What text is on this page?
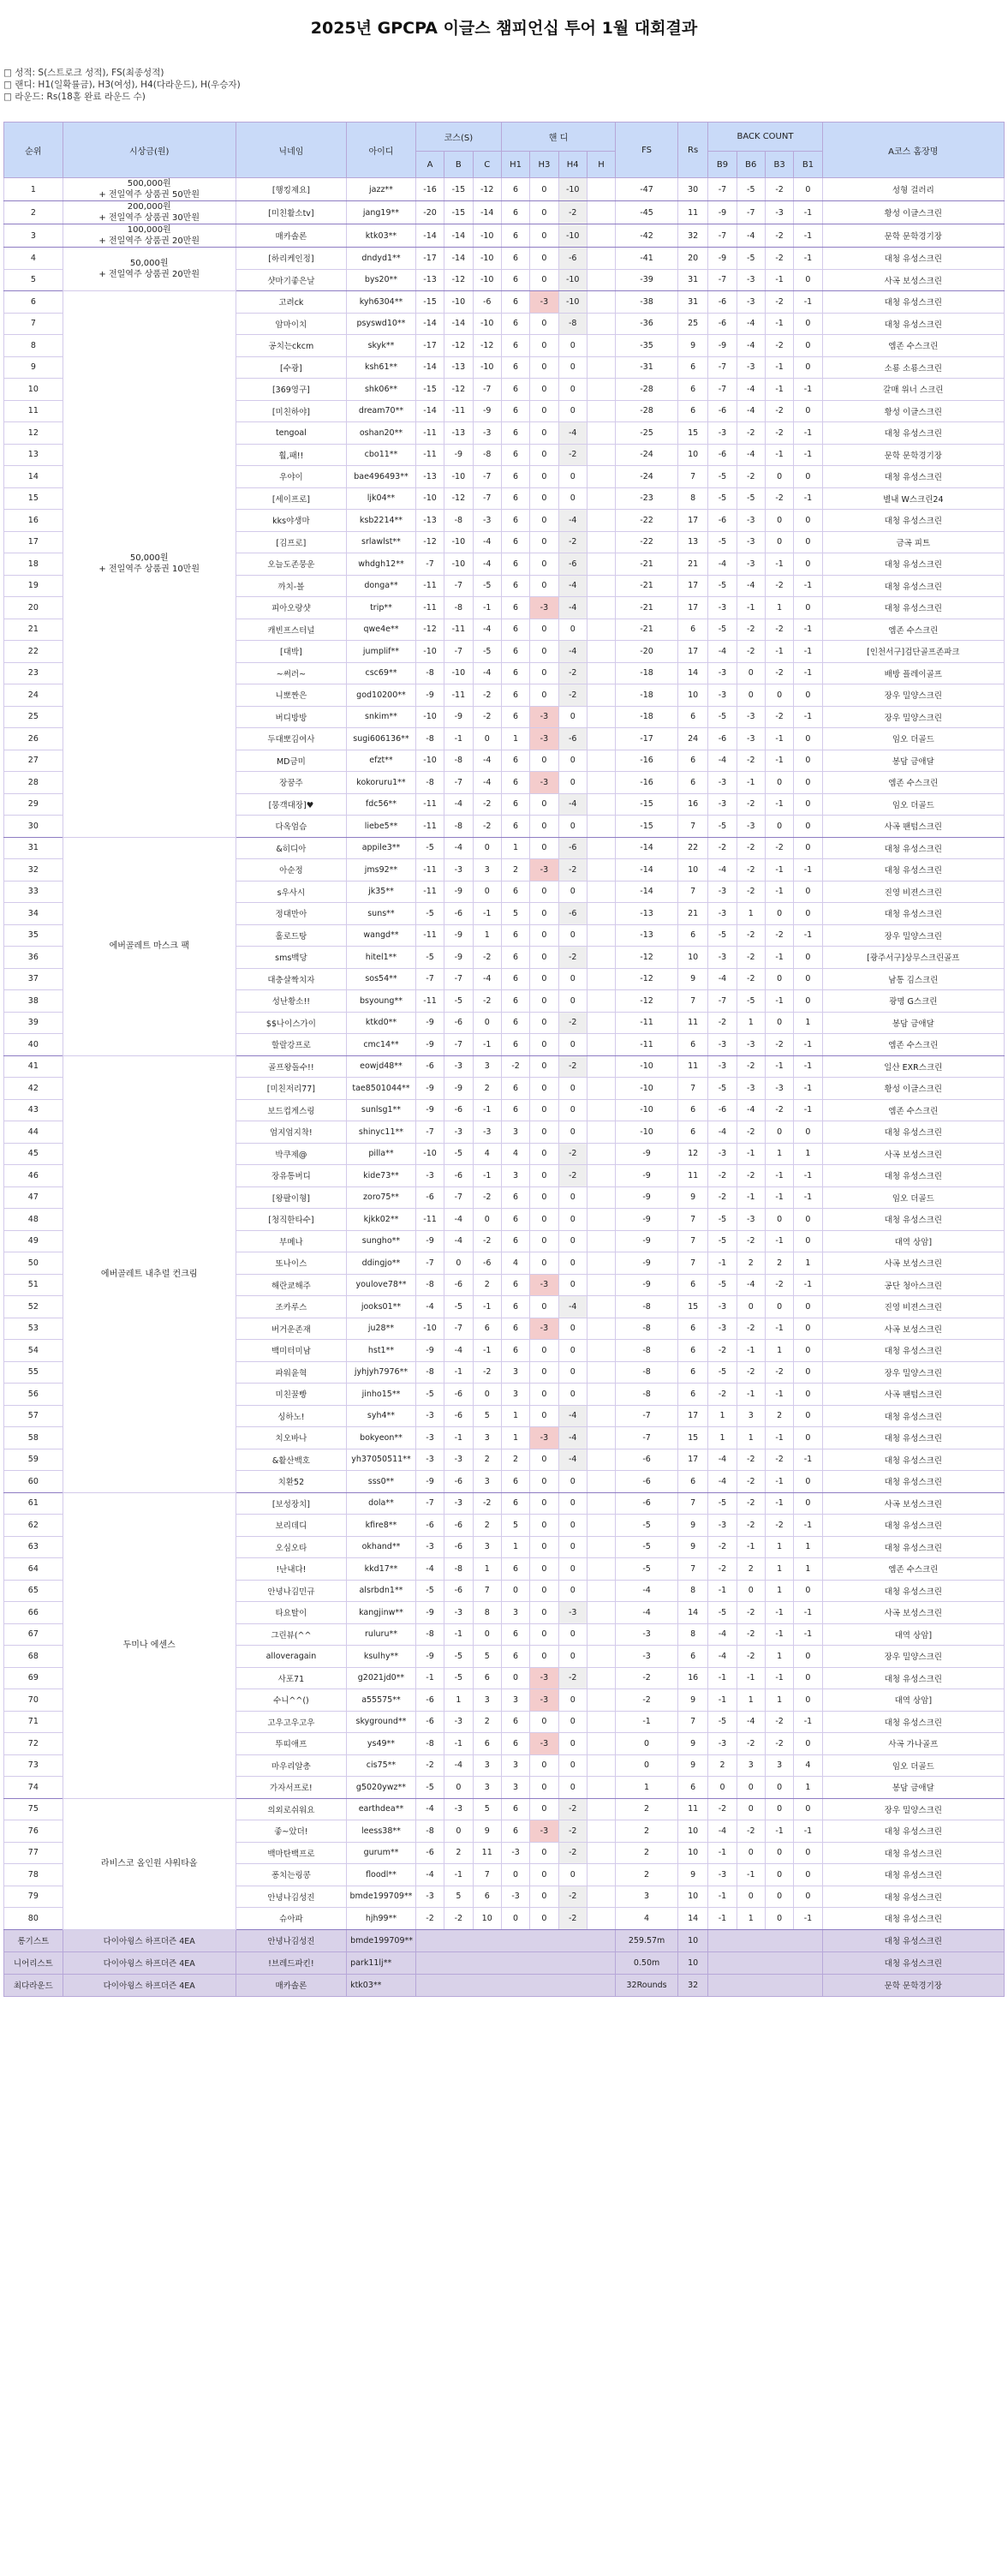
2025년 GPCPA 이글스 챔피언십 투어 1월 대회결과
□ 성적: S(스트로크 성적), FS(최종성적)
□ 랜디: H1(일확률금), H3(여성), H4(다라운드), H(우승자)
□ 라운드: Rs(18홀 완료 라운드 수)
순위	시상금(원)	닉네임	아이디	코스(S)			핸 디				FS	Rs	BACK COUNT				A코스 홈장명
				A	B	C	H1	H3	H4	H			B9	B6	B3	B1	
1	500,000원
+ 전일역주 상품권 50만원	[행킹제요]	jazz**	-16	-15	-12	6	0	-10		-47	30	-7	-5	-2	0	성형 걸러리
2	200,000원
+ 전일역주 상품권 30만원	[미친활소tv]	jang19**	-20	-15	-14	6	0	-2		-45	11	-9	-7	-3	-1	황성 이글스크린
3	100,000원
+ 전일역주 상품권 20만원	매카솔론	ktk03**	-14	-14	-10	6	0	-10		-42	32	-7	-4	-2	-1	문학 문학경기장
4	50,000원
+ 전일역주 상품권 20만원	[하리케인정]	dndyd1**	-17	-14	-10	6	0	-6		-41	20	-9	-5	-2	-1	대청 유성스크린
5		샷마기좋은날	bys20**	-13	-12	-10	6	0	-10		-39	31	-7	-3	-1	0	사곡 보성스크린
6	50,000원
+ 전일역주 상품권 10만원	고려ck	kyh6304**	-15	-10	-6	6	-3	-10		-38	31	-6	-3	-2	-1	대청 유성스크린
7		암마이치	psyswd10**	-14	-14	-10	6	0	-8		-36	25	-6	-4	-1	0	대청 유성스크린
8		공치는ckcm	skyk**	-17	-12	-12	6	0	0		-35	9	-9	-4	-2	0	엠존 수스크린
9		[수광]	ksh61**	-14	-13	-10	6	0	0		-31	6	-7	-3	-1	0	소룡 소룡스크린
10		[369영구]	shk06**	-15	-12	-7	6	0	0		-28	6	-7	-4	-1	-1	갈매 위너 스크린
11		[미친하야]	dream70**	-14	-11	-9	6	0	0		-28	6	-6	-4	-2	0	황성 이글스크린
12		tengoal	oshan20**	-11	-13	-3	6	0	-4		-25	15	-3	-2	-2	-1	대청 유성스크린
13		훨,패!!	cbo11**	-11	-9	-8	6	0	-2		-24	10	-6	-4	-1	-1	문학 문학경기장
14		우야이	bae496493**	-13	-10	-7	6	0	0		-24	7	-5	-2	0	0	대청 유성스크린
15		[세이프로]	ljk04**	-10	-12	-7	6	0	0		-23	8	-5	-5	-2	-1	별내 W스크린24
16		kks야생마	ksb2214**	-13	-8	-3	6	0	-4		-22	17	-6	-3	0	0	대청 유성스크린
17		[김프로]	srlawlst**	-12	-10	-4	6	0	-2		-22	13	-5	-3	0	0	금곡 피트
18		오늘도존뭉운	whdgh12**	-7	-10	-4	6	0	-6		-21	21	-4	-3	-1	0	대청 유성스크린
19		까치-볼	donga**	-11	-7	-5	6	0	-4		-21	17	-5	-4	-2	-1	대청 유성스크린
20		피아오랑샷	trip**	-11	-8	-1	6	-3	-4		-21	17	-3	-1	1	0	대청 유성스크린
21		캐빈프스터널	qwe4e**	-12	-11	-4	6	0	0		-21	6	-5	-2	-2	-1	엠존 수스크린
22		[대박]	jumplif**	-10	-7	-5	6	0	-4		-20	17	-4	-2	-1	-1	[인천서구]검단골프존파크
23		~써러~	csc69**	-8	-10	-4	6	0	-2		-18	14	-3	0	-2	-1	배방 플레이골프
24		니뽀짠은	god10200**	-9	-11	-2	6	0	-2		-18	10	-3	0	0	0	장우 밀양스크린
25		버디방방	snkim**	-10	-9	-2	6	-3	0		-18	6	-5	-3	-2	-1	장우 밀양스크린
26		두대뽀김여사	sugi606136**	-8	-1	0	1	-3	-6		-17	24	-6	-3	-1	0	임오 더골드
27		MD금미	efzt**	-10	-8	-4	6	0	0		-16	6	-4	-2	-1	0	봉담 금애달
28		장꿈주	kokoruru1**	-8	-7	-4	6	-3	0		-16	6	-3	-1	0	0	엠존 수스크린
29		[뭉객대장]♥	fdc56**	-11	-4	-2	6	0	-4		-15	16	-3	-2	-1	0	임오 더골드
30		다옥엄슴	liebe5**	-11	-8	-2	6	0	0		-15	7	-5	-3	0	0	사곡 팬텀스크린
31	에버골레트 마스크 팩	&히디아	appile3**	-5	-4	0	1	0	-6		-14	22	-2	-2	-2	0	대청 유성스크린
32		아순정	jms92**	-11	-3	3	2	-3	-2		-14	10	-4	-2	-1	-1	대청 유성스크린
33		s우사시	jk35**	-11	-9	0	6	0	0		-14	7	-3	-2	-1	0	진영 비젼스크린
34		정대만아	suns**	-5	-6	-1	5	0	-6		-13	21	-3	1	0	0	대청 유성스크린
35		홀로드탕	wangd**	-11	-9	1	6	0	0		-13	6	-5	-2	-2	-1	장우 밀양스크린
36		sms백당	hitel1**	-5	-9	-2	6	0	-2		-12	10	-3	-2	-1	0	[광주서구]상무스크린골프
37		대충살짝치자	sos54**	-7	-7	-4	6	0	0		-12	9	-4	-2	0	0	남통 김스크린
38		성난황소!!	bsyoung**	-11	-5	-2	6	0	0		-12	7	-7	-5	-1	0	광명 G스크린
39		$$나이스가이	ktkd0**	-9	-6	0	6	0	-2		-11	11	-2	1	0	1	봉담 금애달
40		할랄강프로	cmc14**	-9	-7	-1	6	0	0		-11	6	-3	-3	-2	-1	엠존 수스크린
41	에버골레트 내추럴 컨크림	골프왕돌수!!	eowjd48**	-6	-3	3	-2	0	-2		-10	11	-3	-2	-1	-1	일산 EXR스크린
42		[미친저리77]	tae8501044**	-9	-9	2	6	0	0		-10	7	-5	-3	-3	-1	황성 이글스크린
43		보드컵게스링	sunlsg1**	-9	-6	-1	6	0	0		-10	6	-6	-4	-2	-1	엠존 수스크린
44		엄지엄지착!	shinyc11**	-7	-3	-3	3	0	0		-10	6	-4	-2	0	0	대청 유성스크린
45		박쿠제@	pilla**	-10	-5	4	4	0	-2		-9	12	-3	-1	1	1	사곡 보성스크린
46		장유통버디	kide73**	-3	-6	-1	3	0	-2		-9	11	-2	-2	-1	-1	대청 유성스크린
47		[왕팔이형]	zoro75**	-6	-7	-2	6	0	0		-9	9	-2	-1	-1	-1	임오 더골드
48		[청직한타수]	kjkk02**	-11	-4	0	6	0	0		-9	7	-5	-3	0	0	대청 유성스크린
49		부메나	sungho**	-9	-4	-2	6	0	0		-9	7	-5	-2	-1	0	대역 상암]
50		또나이스	ddingjo**	-7	0	-6	4	0	0		-9	7	-1	2	2	1	사곡 보성스크린
51		해란쿄해주	youlove78**	-8	-6	2	6	-3	0		-9	6	-5	-4	-2	-1	공단 청아스크린
52		조카루스	jooks01**	-4	-5	-1	6	0	-4		-8	15	-3	0	0	0	진영 비젼스크린
53		버거운존재	ju28**	-10	-7	6	6	-3	0		-8	6	-3	-2	-1	0	사곡 보성스크린
54		백미터미남	hst1**	-9	-4	-1	6	0	0		-8	6	-2	-1	1	0	대청 유성스크린
55		파워윤혁	jyhjyh7976**	-8	-1	-2	3	0	0		-8	6	-5	-2	-2	0	장우 밀양스크린
56		미친꿀빵	jinho15**	-5	-6	0	3	0	0		-8	6	-2	-1	-1	0	사곡 팬텀스크린
57		싱하노!	syh4**	-3	-6	5	1	0	-4		-7	17	1	3	2	0	대청 유성스크린
58		치오바나	bokyeon**	-3	-1	3	1	-3	-4		-7	15	1	1	-1	0	대청 유성스크린
59		&활산백호	yh37050511**	-3	-3	2	2	0	-4		-6	17	-4	-2	-2	-1	대청 유성스크린
60		치환52	sss0**	-9	-6	3	6	0	0		-6	6	-4	-2	-1	0	대청 유성스크린
61	두미나 에센스	[보성장치]	dola**	-7	-3	-2	6	0	0		-6	7	-5	-2	-1	0	사곡 보성스크린
62		보리데디	kfire8**	-6	-6	2	5	0	0		-5	9	-3	-2	-2	-1	대청 유성스크린
63		오심오타	okhand**	-3	-6	3	1	0	0		-5	9	-2	-1	1	1	대청 유성스크린
64		!난내다!	kkd17**	-4	-8	1	6	0	0		-5	7	-2	2	1	1	엠존 수스크린
65		안녕나김민규	alsrbdn1**	-5	-6	7	0	0	0		-4	8	-1	0	1	0	대청 유성스크린
66		타요탈이	kangjinw**	-9	-3	8	3	0	-3		-4	14	-5	-2	-1	-1	사곡 보성스크린
67		그린뷰(^^	ruluru**	-8	-1	0	6	0	0		-3	8	-4	-2	-1	-1	대역 상암]
68		alloveragain	ksulhy**	-9	-5	5	6	0	0		-3	6	-4	-2	1	0	장우 밀양스크린
69		사포71	g2021jd0**	-1	-5	6	0	-3	-2		-2	16	-1	-1	-1	0	대청 유성스크린
70		수니^^()	a55575**	-6	1	3	3	-3	0		-2	9	-1	1	1	0	대역 상암]
71		고우고우고우	skyground**	-6	-3	2	6	0	0		-1	7	-5	-4	-2	-1	대청 유성스크린
72		뚜띠애프	ys49**	-8	-1	6	6	-3	0		0	9	-3	-2	-2	0	사곡 가나골프
73		마우리알총	cis75**	-2	-4	3	3	0	0		0	9	2	3	3	4	임오 더골드
74		가자서프로!	g5020ywz**	-5	0	3	3	0	0		1	6	0	0	0	1	봉담 금애달
75	라비스코 올인원 샤워타올	의외로쉬워요	earthdea**	-4	-3	5	6	0	-2		2	11	-2	0	0	0	장우 밀양스크린
76		좋~았더!	leess38**	-8	0	9	6	-3	-2		2	10	-4	-2	-1	-1	대청 유성스크린
77		백마탄백프로	gurum**	-6	2	11	-3	0	-2		2	10	-1	0	0	0	대청 유성스크린
78		퐁치는링콩	floodl**	-4	-1	7	0	0	0		2	9	-3	-1	0	0	대청 유성스크린
79		안녕나김성진	bmde199709**	-3	5	6	-3	0	-2		3	10	-1	0	0	0	대청 유성스크린
80		슈아파	hjh99**	-2	-2	10	0	0	-2		4	14	-1	1	0	-1	대청 유성스크린
롱기스트	다이아윙스 하프더즌 4EA	안녕나김성진	bmde199709**								259.57m	10					대청 유성스크린
니어리스트	다이아윙스 하프더즌 4EA	!브레드파킨!	park11lj**								0.50m	10					대청 유성스크린
최다라운드	다이아윙스 하프더즌 4EA	매카솔론	ktk03**								32Rounds	32					문학 문학경기장
